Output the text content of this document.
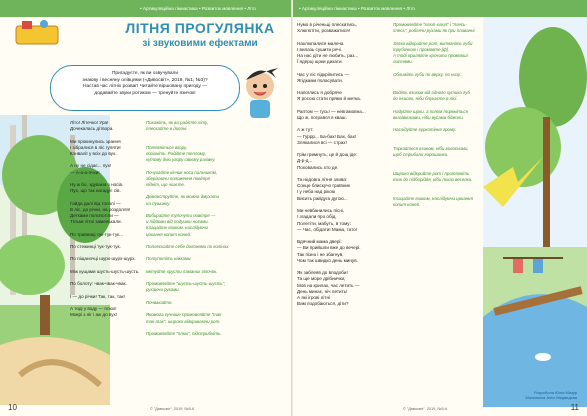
• Артикуляційна гімнастика • Розвиток мовлення • Літо
ЛІТНЯ ПРОГУЛЯНКА
зі звуковими ефектами
Пригадуєте, як ви озвучували
знаюву і весняну олівцями («Дивосвіт», 2019, №1, №3)?
Настав час літніх розваг! Читайте віршовану пригоду —
додавайте звуки ротиком — тренуйте язичок!
Літо! Літечко! Ура!
Дочекалась дітвора.

Ми прокинулись зрання
І зібралися в ліс гуляти!
Конвалії у всіх до вух.

А ну не сідає... пух!
— А-а-а-пчхи!

Ну ж бо, здуваєм з носів.
Пух, що так нагадує сів.

Гайда далі від тополі —
В ліс, до річки, на роздолля!
Детками полопотіли —
Тільки літні замелькали.

По травниці тук-тук-тук...

По стежинці тук-тук-тук.

По піщаночці шурх-шурх-шурх.

Між кущами шусть-шусть-шусть.

По болоту: чвак-чвак-чвак.

І — до річки! Так, так, так!

А тоді у воду — плюх!
Мокрі з ніг і аж до вух!
Покажіть, як ви радієте літу,
плескайте в долоні.

Потягніться вгору,
позіхніть. Радійте теплому,
кутому дню угору своєму рахівку.

Почухайте кінчик носа пальчиком,
зберігаючи положення повітря
підніт, що чхаєте.

Демонструйте, як можна дмухати
на пушинку.

Вибирайте тупочути повітря —
и підйоми від подушки ногами.
Клацайте язиком, наслідуючи
цокання копит коней.

Поплескайте себе долонями по колінах.

Потупотіть ніжками.

Імітуйте хрусти ламаних гілочок.

Промовляйте "шусть-шусть-шусть",
рухаючи руками.

Почвакайте.

Якомога гучніше промовляйте "так-
так-так", широко відкриваючи рот.

Промовляйте "плюх", підстрибніть.
10	© "Дивосвіт", 2019, №5-6
• Артикуляційна гімнастика • Розвиток мовлення • Літо
Нумо в річеньці плескатись,
Хлюпотіти, розважатися!

Нахлюпалися малеча
І вилазь сушити речі.
На нас діти не любить, раз...
Ї ядерці щоки дихати.

Час у ліс підкріпитись —
Ягідками поласувати.

Напоїлись я добряче
Я росою стати прямо й метка.

Раптом — гусь! — невгамовна...
Що ж, погрався я кваш.

А ж тут:
— Гуррр... Ба-бах! Бах, бах!
Злякалися всі — страх!

Грім гримнуть, це й дощ іде:
Д-р-д...
Поховались хто де.

Та недовга літня злива:
Сонце блискучо граївник
І у неба над рікою
Висить райдуга дугою...

Ми невбанились пісні,
І згадали про обід.
Полетіти, мабуть, в тому:
— Час, обідати! Мама, тато!

Вдячний мама двері:
— Ви прийшли вже до вечері.
Так пізно і не збагнув,
Чом так швидко день минув.

Як заблеяв до вподоби!
Та ще море дрібнички,
Мов на крилах, час летить —
День минає, ніч летить!
А які ігрові літні
Вам подобаються, діти?
Промовляйте "хлюп-хлюп" і "плесь-
плесь", роблячи рухами як при плаванні.

Зляхо відкрийте рот, витягніть губи
трубочкою і промовте [ф].
А тоді прилягте крочити промокші
листями.

Оближіть губи по верху, по низу.

Водіть язиком від одного кутика губ
до іншого, ніби блукаєте в лісі.

Надуйте щоки, а потім торкніться
вказівниками, ніби вусами бджоли.

Наслідуйте гуркотіння грому.

Торкайтеся язиком, ніби голосними,
щоб стрибали горошинки.

Широко відкрийте рот і протягніть
язик до підборіддя, ніби показ веселки.

Клацайте язиком, наслідуючи цокання
копит коней.

Розробила Юлія Мазур
Малювала Алісі Медведєва
© "Дивосвіт", 2019, №5-6	11
